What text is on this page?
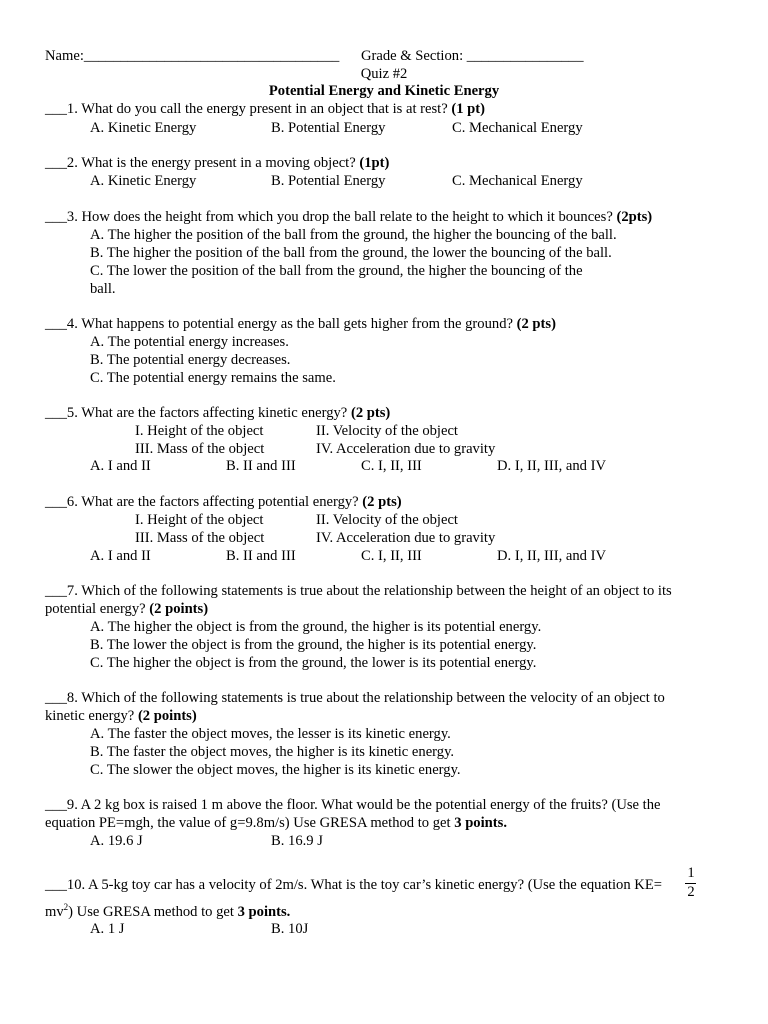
Name:___________________________________ Grade & Section: ________________
Quiz #2
Potential Energy and Kinetic Energy
___1. What do you call the energy present in an object that is at rest? (1 pt)
A. Kinetic Energy	B. Potential Energy	C. Mechanical Energy
___2. What is the energy present in a moving object? (1pt)
A. Kinetic Energy	B. Potential Energy	C. Mechanical Energy
___3. How does the height from which you drop the ball relate to the height to which it bounces? (2pts)
A. The higher the position of the ball from the ground, the higher the bouncing of the ball.
B. The higher the position of the ball from the ground, the lower the bouncing of the ball.
C. The lower the position of the ball from the ground, the higher the bouncing of the
ball.
___4. What happens to potential energy as the ball gets higher from the ground? (2 pts)
A. The potential energy increases.
B. The potential energy decreases.
C. The potential energy remains the same.
___5. What are the factors affecting kinetic energy? (2 pts)
I. Height of the object	II. Velocity of the object
III. Mass of the object	IV. Acceleration due to gravity
A. I and II	B. II and III	C. I, II, III	D. I, II, III, and IV
___6. What are the factors affecting potential energy? (2 pts)
I. Height of the object	II. Velocity of the object
III. Mass of the object	IV. Acceleration due to gravity
A. I and II	B. II and III	C. I, II, III	D. I, II, III, and IV
___7. Which of the following statements is true about the relationship between the height of an object to its
potential energy? (2 points)
A. The higher the object is from the ground, the higher is its potential energy.
B. The lower the object is from the ground, the higher is its potential energy.
C. The higher the object is from the ground, the lower is its potential energy.
___8. Which of the following statements is true about the relationship between the velocity of an object to
kinetic energy? (2 points)
A. The faster the object moves, the lesser is its kinetic energy.
B. The faster the object moves, the higher is its kinetic energy.
C. The slower the object moves, the higher is its kinetic energy.
___9. A 2 kg box is raised 1 m above the floor. What would be the potential energy of the fruits? (Use the
equation PE=mgh, the value of g=9.8m/s) Use GRESA method to get 3 points.
A. 19.6 J	B. 16.9 J
___10. A 5-kg toy car has a velocity of 2m/s. What is the toy car’s kinetic energy? (Use the equation KE=
1
2
$mv^2$) Use GRESA method to get 3 points.
A. 1 J	B. 10J
